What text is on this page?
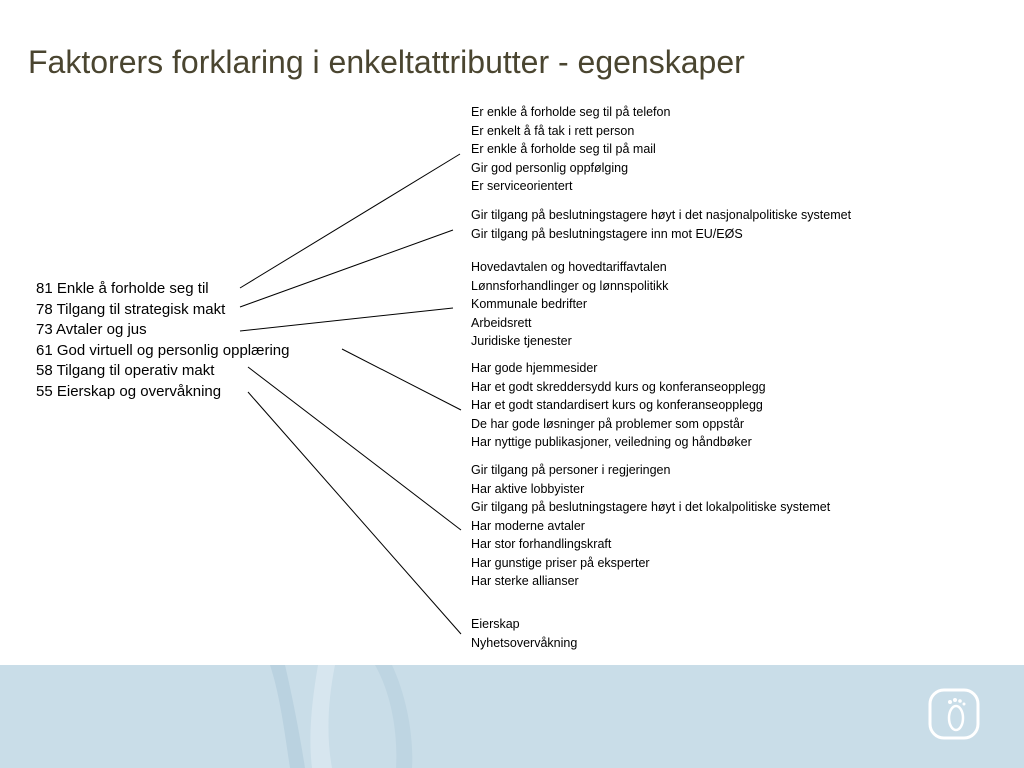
Faktorers forklaring i enkeltattributter - egenskaper
81 Enkle å forholde seg til
78 Tilgang til strategisk makt
73 Avtaler og jus
61 God virtuell og personlig opplæring
58 Tilgang til operativ makt
55 Eierskap og overvåkning
Er enkle å forholde seg til på telefon
Er enkelt å få tak i rett person
Er enkle å forholde seg til på mail
Gir god personlig oppfølging
Er serviceorientert
Gir tilgang på beslutningstagere høyt i det nasjonalpolitiske systemet
Gir tilgang på beslutningstagere inn mot EU/EØS
Hovedavtalen og hovedtariffavtalen
Lønnsforhandlinger og lønnspolitikk
Kommunale bedrifter
Arbeidsrett
Juridiske tjenester
Har gode hjemmesider
Har et godt skreddersydd kurs og konferanseopplegg
Har et godt standardisert kurs og konferanseopplegg
De har gode løsninger på problemer som oppstår
Har nyttige publikasjoner, veiledning og håndbøker
Gir tilgang på personer i regjeringen
Har aktive lobbyister
Gir tilgang på beslutningstagere høyt i det lokalpolitiske systemet
Har moderne avtaler
Har stor forhandlingskraft
Har gunstige priser på eksperter
Har sterke allianser
Eierskap
Nyhetsovervåkning
